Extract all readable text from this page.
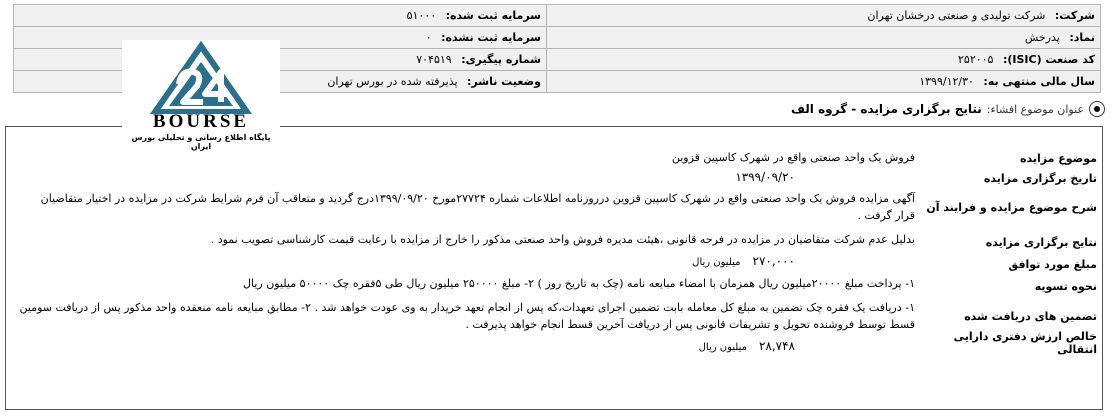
شرکت: شرکت تولیدی و صنعتی درخشان تهران	سرمایه ثبت شده: ۵۱۰۰۰
نماد: پدرخش	سرمایه ثبت نشده: ۰
کد صنعت (ISIC): ۲۵۲۰۰۵	شماره پیگیری: ۷۰۴۵۱۹
سال مالی منتهی به: ۱۳۹۹/۱۲/۳۰	وضعیت ناشر: پذیرفته شده در بورس تهران
BOURSE
پایگاه اطلاع رسانی و تحلیلی بورس ایران
عنوان موضوع افشاء:
نتایج برگزاری مزایده - گروه الف
موضوع مزایده
فروش یک واحد صنعتی واقع در شهرک کاسپین قزوین
تاریخ برگزاری مزایده
۱۳۹۹/۰۹/۲۰
شرح موضوع مزایده و فرایند آن
آگهی مزایده فروش یک واحد صنعتی واقع در شهرک کاسپین قزوین درروزنامه اطلاعات شماره ۲۷۷۲۴مورخ ۱۳۹۹/۰۹/۲۰درج گردید و متعاقب آن فرم شرایط شرکت در مزایده در اختیار متقاضیان قرار گرفت .
نتایج برگزاری مزایده
بدلیل عدم شرکت متقاضیان در مزایده در فرجه قانونی ،هیئت مدیره فروش واحد صنعتی مذکور را خارج از مزایده با رعایت قیمت کارشناسی تصویب نمود .
مبلغ مورد توافق
۲۷۰,۰۰۰میلیون ریال
نحوه تسویه
۱- پرداخت مبلغ ۲۰۰۰۰میلیون ریال همزمان با امضاء مبایعه نامه (چک به تاریخ روز ) ۲- مبلغ ۲۵۰۰۰۰ میلیون ریال طی ۵فقره چک ۵۰۰۰۰ میلیون ریال
تضمین های دریافت شده
۱- دریافت یک فقره چک تضمین به مبلغ کل معامله بابت تضمین اجرای تعهدات،که پس از انجام تعهد خریدار به وی عودت خواهد شد . ۲- مطابق مبایعه نامه منعقده واحد مذکور پس از دریافت سومین قسط توسط فروشنده تحویل و تشریفات قانونی پس از دریافت آخرین قسط انجام خواهد پذیرفت .
خالص ارزش دفتری دارایی انتقالی
۲۸,۷۴۸میلیون ریال
